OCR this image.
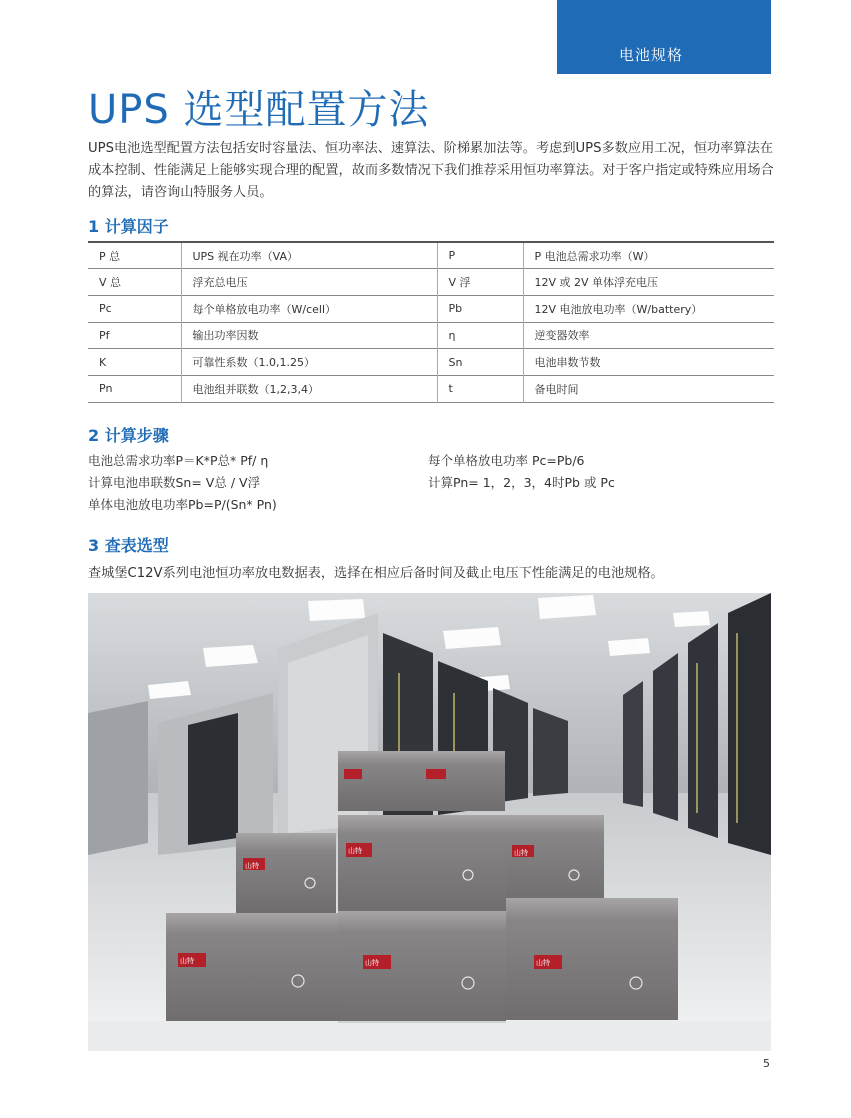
电池规格
UPS 选型配置方法

UPS电池选型配置方法包括安时容量法、恒功率法、速算法、阶梯累加法等。考虑到UPS多数应用工况，恒功率算法在成本控制、性能满足上能够实现合理的配置，故而多数情况下我们推荐采用恒功率算法。对于客户指定或特殊应用场合的算法，请咨询山特服务人员。

1 计算因子
P 总	UPS 视在功率（VA）	P	P 电池总需求功率（W）
V 总	浮充总电压	V 浮	12V 或 2V 单体浮充电压
Pc	每个单格放电功率（W/cell）	Pb	12V 电池放电功率（W/battery）
Pf	输出功率因数	η	逆变器效率
K	可靠性系数（1.0,1.25）	Sn	电池串数节数
Pn	电池组并联数（1,2,3,4）	t	备电时间
2 计算步骤
电池总需求功率P＝K*P总* Pf/ η
计算电池串联数Sn= V总 / V浮
单体电池放电功率Pb=P/(Sn* Pn)
每个单格放电功率 Pc=Pb/6
计算Pn= 1，2，3，4时Pb 或 Pc
3 查表选型

查城堡C12V系列电池恒功率放电数据表，选择在相应后备时间及截止电压下性能满足的电池规格。

山特	山特	山特
山特	山特
山特
5
